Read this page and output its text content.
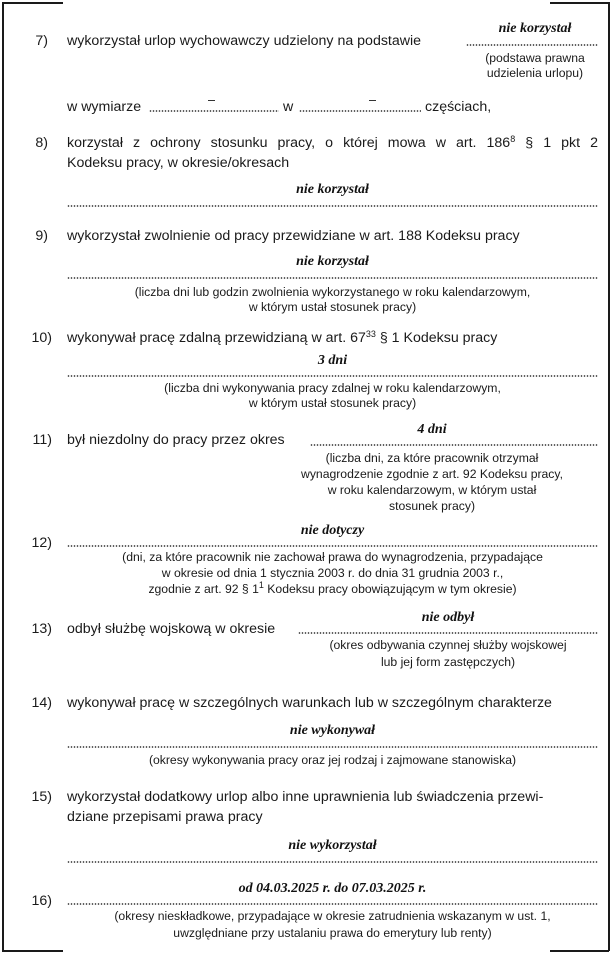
7) wykorzystał urlop wychowawczy udzielony na podstawie
nie korzystał
(podstawa prawna
udzielenia urlopu)
w wymiarze	w	częściach,
8) korzystał z ochrony stosunku pracy, o której mowa w art. $186^8$ § 1 pkt 2
Kodeksu pracy, w okresie/okresach
nie korzystał
9) wykorzystał zwolnienie od pracy przewidziane w art. 188 Kodeksu pracy
nie korzystał
(liczba dni lub godzin zwolnienia wykorzystanego w roku kalendarzowym,
w którym ustał stosunek pracy)
10) wykonywał pracę zdalną przewidzianą w art. $67^{33}$ § 1 Kodeksu pracy
3 dni
(liczba dni wykonywania pracy zdalnej w roku kalendarzowym,
w którym ustał stosunek pracy)
11) był niezdolny do pracy przez okres
4 dni
(liczba dni, za które pracownik otrzymał
wynagrodzenie zgodnie z art. 92 Kodeksu pracy,
w roku kalendarzowym, w którym ustał
stosunek pracy)
nie dotyczy
12)
(dni, za które pracownik nie zachował prawa do wynagrodzenia, przypadające
w okresie od dnia 1 stycznia 2003 r. do dnia 31 grudnia 2003 r.,
zgodnie z art. 92 § $1^1$ Kodeksu pracy obowiązującym w tym okresie)
nie odbył
13) odbył służbę wojskową w okresie
(okres odbywania czynnej służby wojskowej
lub jej form zastępczych)
14) wykonywał pracę w szczególnych warunkach lub w szczególnym charakterze
nie wykonywał
(okresy wykonywania pracy oraz jej rodzaj i zajmowane stanowiska)
15) wykorzystał dodatkowy urlop albo inne uprawnienia lub świadczenia przewi-
dziane przepisami prawa pracy
nie wykorzystał
od 04.03.2025 r. do 07.03.2025 r.
16)
(okresy nieskładkowe, przypadające w okresie zatrudnienia wskazanym w ust. 1,
uwzględniane przy ustalaniu prawa do emerytury lub renty)
